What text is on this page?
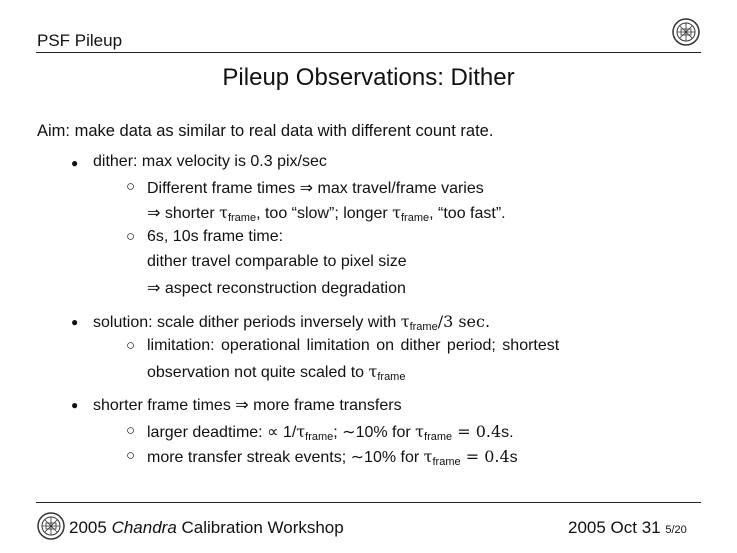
PSF Pileup
Pileup Observations: Dither
Aim: make data as similar to real data with different count rate.
● dither: max velocity is 0.3 pix/sec
○ Different frame times ⇒ max travel/frame varies
⇒ shorter τframe, too “slow”; longer τframe, “too fast”.
○ 6s, 10s frame time:
dither travel comparable to pixel size
⇒ aspect reconstruction degradation
● solution: scale dither periods inversely with τframe/3 sec.
○ limitation: operational limitation on dither period; shortest
observation not quite scaled to τframe
● shorter frame times ⇒ more frame transfers
○ larger deadtime: ∝ 1/τframe; ∼10% for τframe = 0.4s.
○ more transfer streak events; ∼10% for τframe = 0.4s
2005 Chandra Calibration Workshop	2005 Oct 31 5/20
